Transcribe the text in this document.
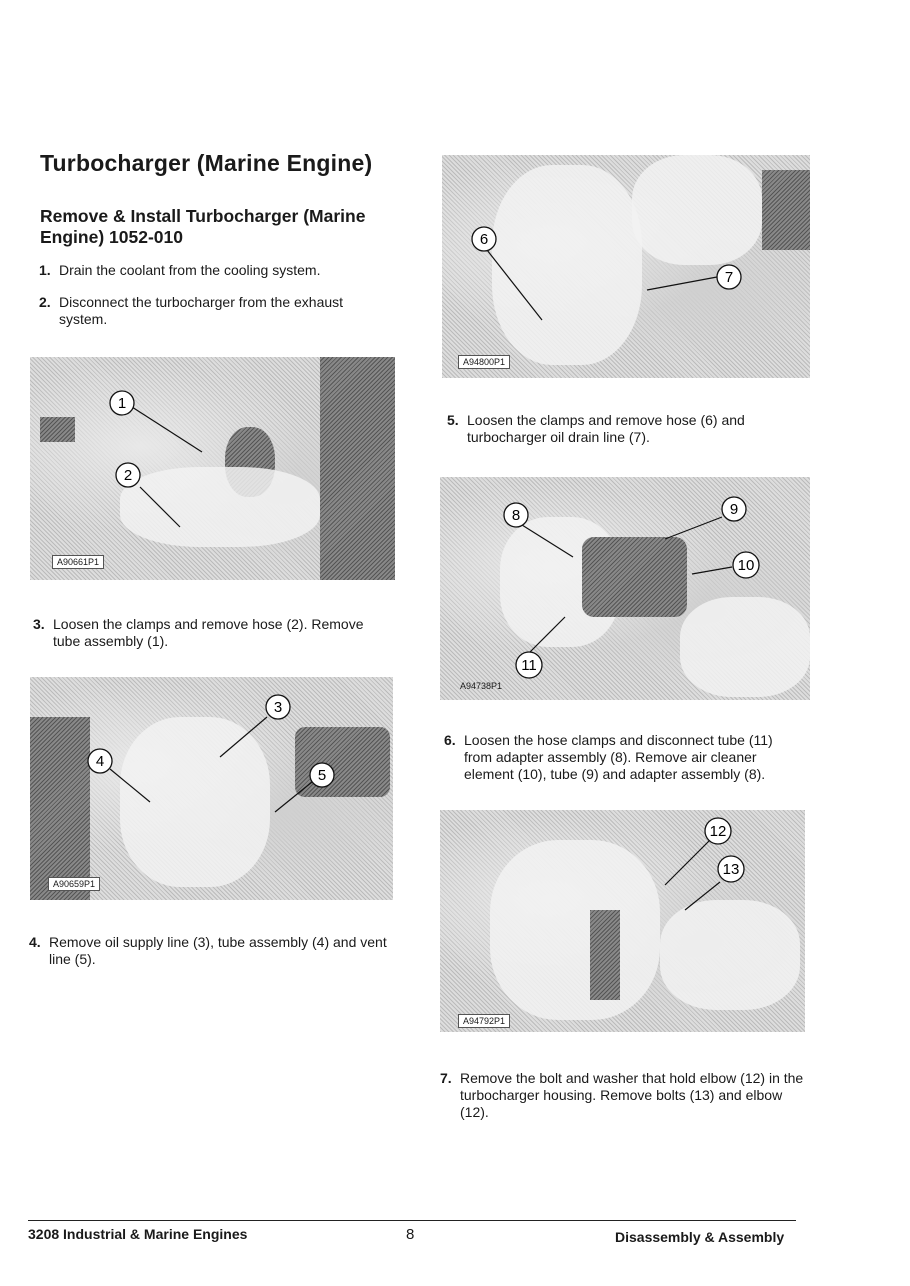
Turbocharger (Marine Engine)
Remove & Install Turbocharger (Marine Engine) 1052-010
1. Drain the coolant from the cooling system.
2. Disconnect the turbocharger from the exhaust system.
1
2
A90661P1
3. Loosen the clamps and remove hose (2). Remove tube assembly (1).
3
4
5
A90659P1
4. Remove oil supply line (3), tube assembly (4) and vent line (5).
6
7
A94800P1
5. Loosen the clamps and remove hose (6) and turbocharger oil drain line (7).
8	9
10
11
A94738P1
6. Loosen the hose clamps and disconnect tube (11) from adapter assembly (8). Remove air cleaner element (10), tube (9) and adapter assembly (8).
12
13
A94792P1
7. Remove the bolt and washer that hold elbow (12) in the turbocharger housing. Remove bolts (13) and elbow (12).
3208 Industrial & Marine Engines	8	Disassembly & Assembly
